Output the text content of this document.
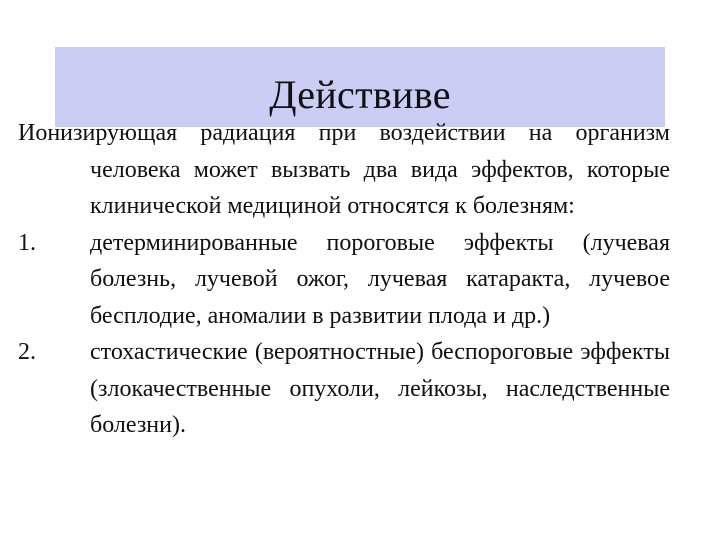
Действиве

Ионизирующая радиация при воздействии на организм человека может вызвать два вида эффектов, которые клинической медициной относятся к болезням:

1. детерминированные пороговые эффекты (лучевая болезнь, лучевой ожог, лучевая катаракта, лучевое бесплодие, аномалии в развитии плода и др.)
2. стохастические (вероятностные) беспороговые эффекты (злокачественные опухоли, лейкозы, наследственные болезни).
